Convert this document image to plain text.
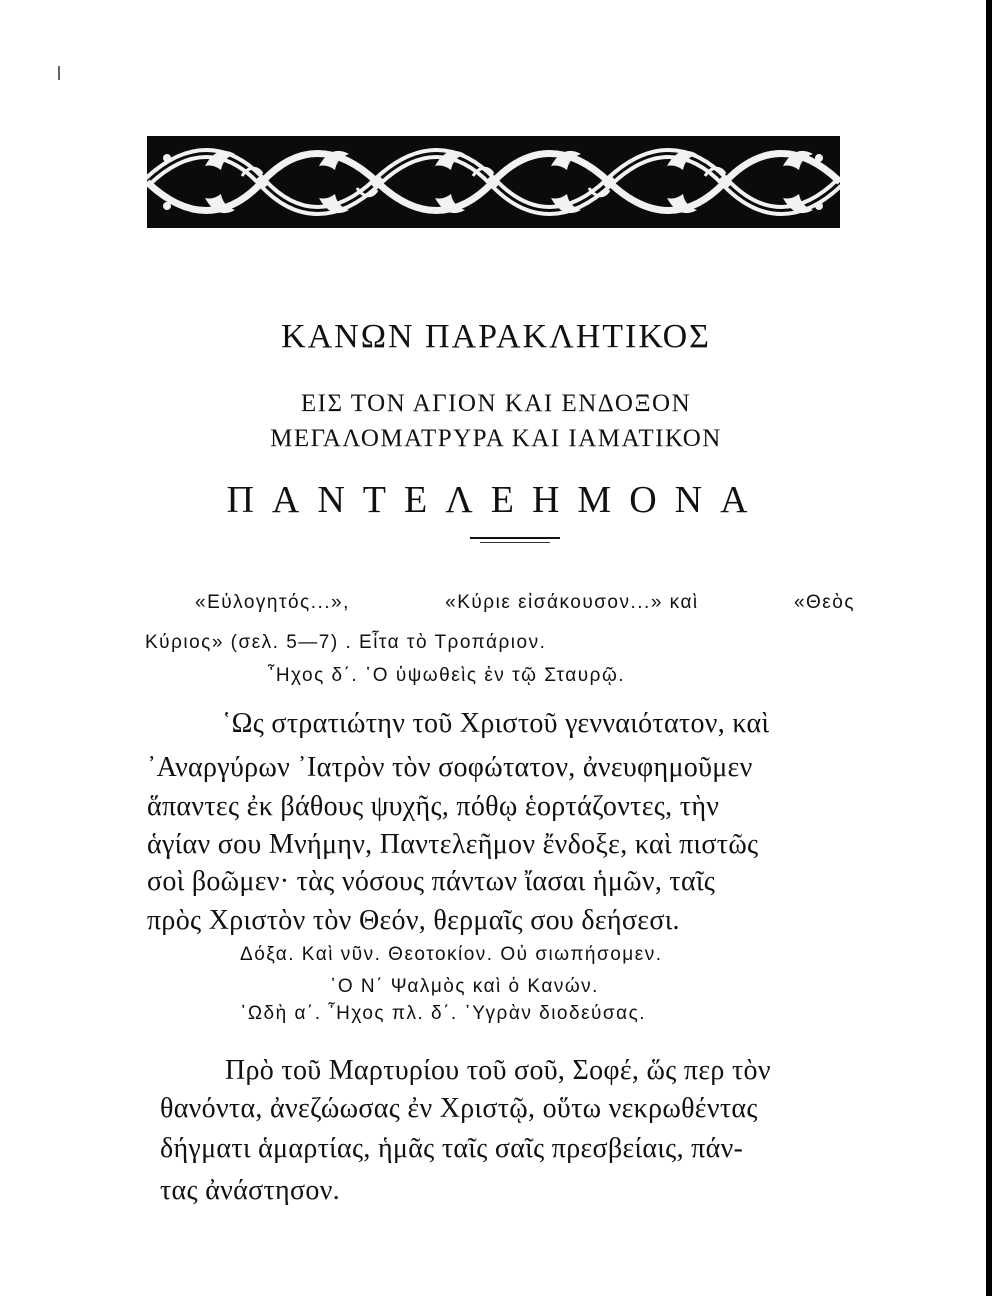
ΚΑΝΩΝ ΠΑΡΑΚΛΗΤΙΚΟΣ
ΕΙΣ ΤΟΝ ΑΓΙΟΝ ΚΑΙ ΕΝΔΟΞΟΝ
ΜΕΓΑΛΟΜΑΤΡΥΡΑ ΚΑΙ ΙΑΜΑΤΙΚΟΝ
ΠΑΝΤΕΛΕΗΜΟΝΑ
«Εὐλογητός...»,	«Κύριε εἰσάκουσον...» καὶ	«Θεὸς
Κύριος» (σελ. 5—7) . Εἶτα τὸ Τροπάριον.
῏Ηχος δ΄. ῾Ο ὑψωθεὶς ἐν τῷ Σταυρῷ.
῾Ως στρατιώτην τοῦ Χριστοῦ γενναιότατον, καὶ
᾿Αναργύρων ᾿Ιατρὸν τὸν σοφώτατον, ἀνευφημοῦμεν
ἅπαντες ἐκ βάθους ψυχῆς, πόθῳ ἑορτάζοντες, τὴν
ἁγίαν σου Μνήμην, Παντελεῆμον ἔνδοξε, καὶ πιστῶς
σοὶ βοῶμεν· τὰς νόσους πάντων ἴασαι ἡμῶν, ταῖς
πρὸς Χριστὸν τὸν Θεόν, θερμαῖς σου δεήσεσι.
Δόξα. Καὶ νῦν. Θεοτοκίον. Οὐ σιωπήσομεν.
῾Ο Ν΄ Ψαλμὸς καὶ ὁ Κανών.
᾿Ωδὴ α΄. ῏Ηχος πλ. δ΄. ῾Υγρὰν διοδεύσας.
Πρὸ τοῦ Μαρτυρίου τοῦ σοῦ, Σοφέ, ὥς περ τὸν
θανόντα, ἀνεζώωσας ἐν Χριστῷ, οὕτω νεκρωθέντας
δήγματι ἁμαρτίας, ἡμᾶς ταῖς σαῖς πρεσβείαις, πάν-
τας ἀνάστησον.
